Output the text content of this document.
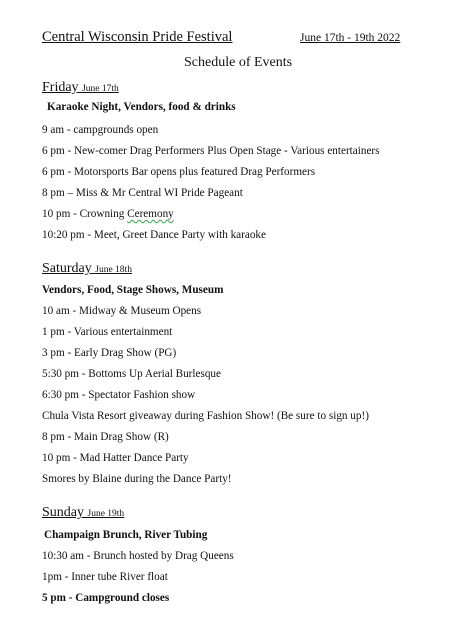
Central Wisconsin Pride Festival	June 17th - 19th 2022
Schedule of Events
Friday June 17th
Karaoke Night, Vendors, food & drinks
9 am - campgrounds open
6 pm - New-comer Drag Performers Plus Open Stage - Various entertainers
6 pm - Motorsports Bar opens plus featured Drag Performers
8 pm – Miss & Mr Central WI Pride Pageant
10 pm - Crowning Ceremony
10:20 pm - Meet, Greet Dance Party with karaoke
Saturday June 18th
Vendors, Food, Stage Shows, Museum
10 am - Midway & Museum Opens
1 pm - Various entertainment
3 pm - Early Drag Show (PG)
5:30 pm - Bottoms Up Aerial Burlesque
6:30 pm - Spectator Fashion show
Chula Vista Resort giveaway during Fashion Show! (Be sure to sign up!)
8 pm - Main Drag Show (R)
10 pm - Mad Hatter Dance Party
Smores by Blaine during the Dance Party!
Sunday June 19th
Champaign Brunch, River Tubing
10:30 am - Brunch hosted by Drag Queens
1pm - Inner tube River float
5 pm - Campground closes
